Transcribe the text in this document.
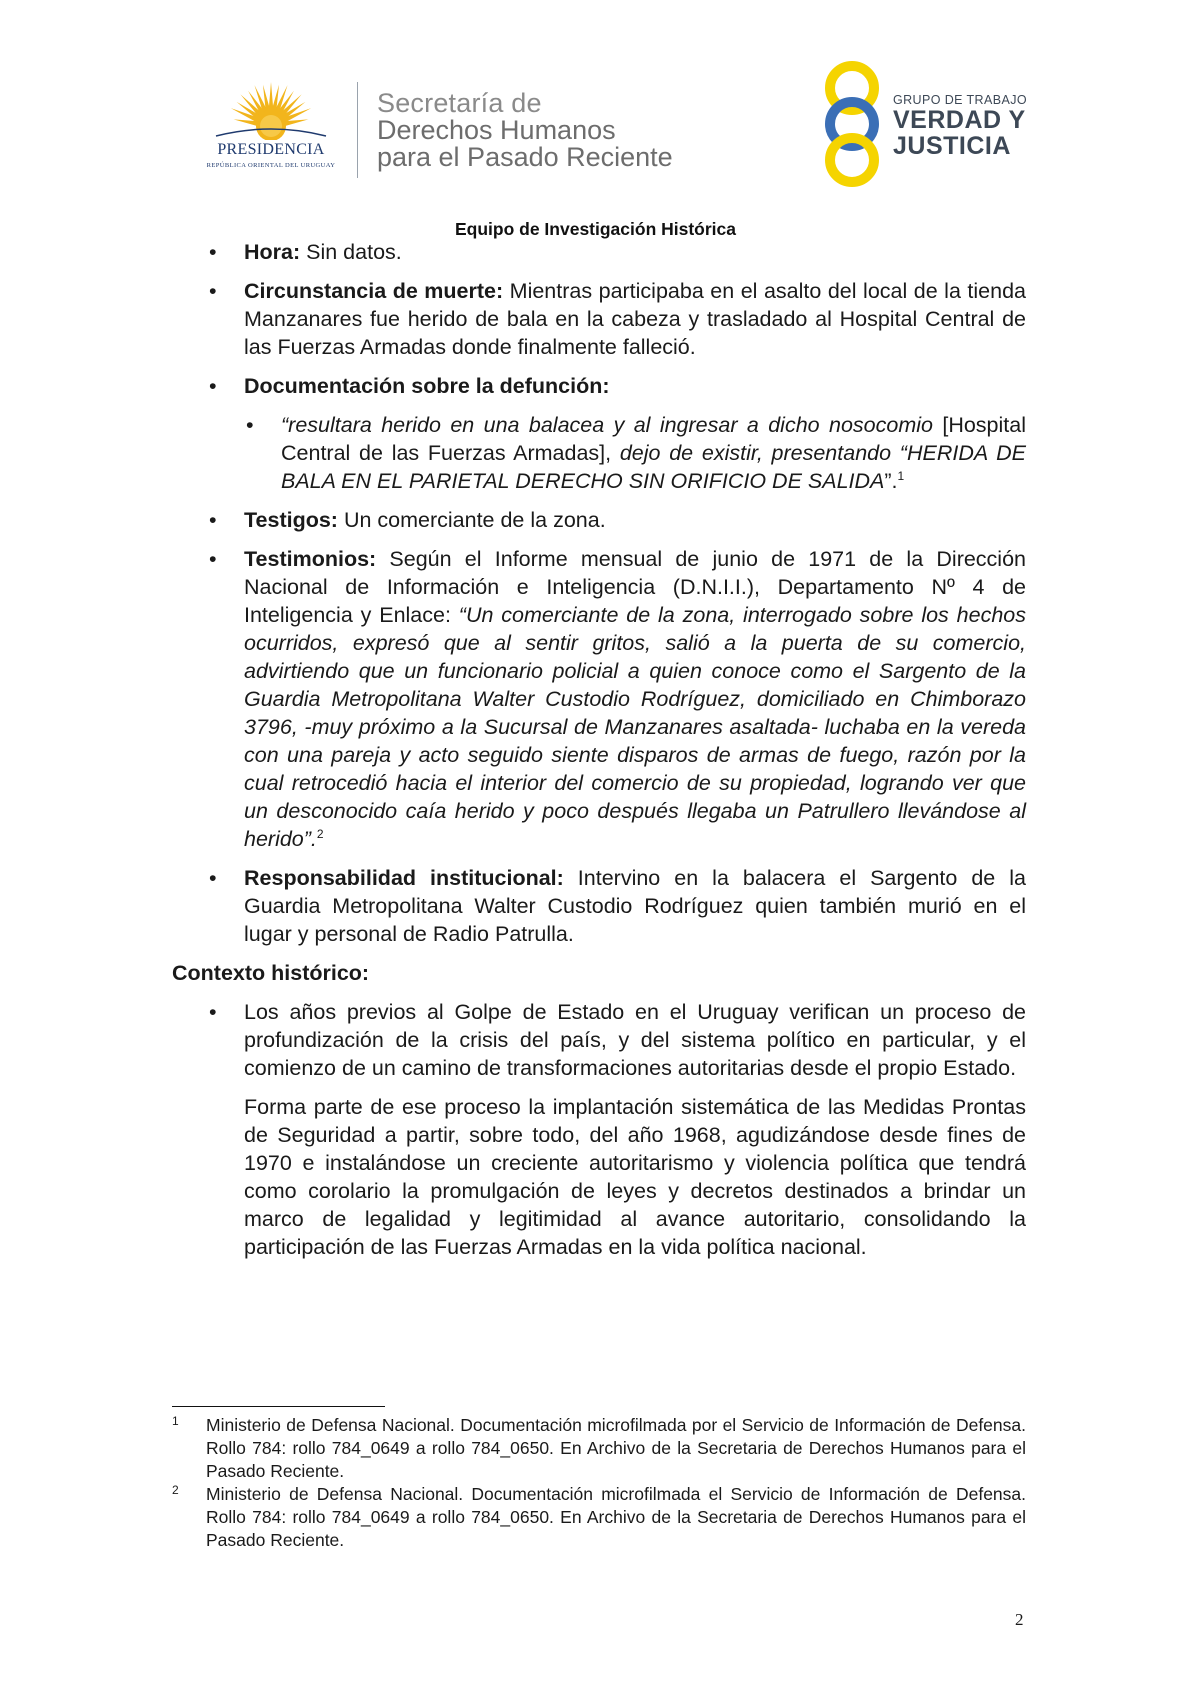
PRESIDENCIA
REPÚBLICA ORIENTAL DEL URUGUAY
Secretaría de
Derechos Humanos
para el Pasado Reciente
GRUPO DE TRABAJO
VERDAD Y
JUSTICIA
Equipo de Investigación Histórica
• Hora: Sin datos.
• Circunstancia de muerte: Mientras participaba en el asalto del local de la tienda Manzanares fue herido de bala en la cabeza y trasladado al Hospital Central de las Fuerzas Armadas donde finalmente falleció.
• Documentación sobre la defunción:
• “resultara herido en una balacea y al ingresar a dicho nosocomio [Hospital Central de las Fuerzas Armadas], dejo de existir, presentando “HERIDA DE BALA EN EL PARIETAL DERECHO SIN ORIFICIO DE SALIDA”.$^1$
• Testigos: Un comerciante de la zona.
• Testimonios: Según el Informe mensual de junio de 1971 de la Dirección Nacional de Información e Inteligencia (D.N.I.I.), Departamento Nº 4 de Inteligencia y Enlace: “Un comerciante de la zona, interrogado sobre los hechos ocurridos, expresó que al sentir gritos, salió a la puerta de su comercio, advirtiendo que un funcionario policial a quien conoce como el Sargento de la Guardia Metropolitana Walter Custodio Rodríguez, domiciliado en Chimborazo 3796, -muy próximo a la Sucursal de Manzanares asaltada- luchaba en la vereda con una pareja y acto seguido siente disparos de armas de fuego, razón por la cual retrocedió hacia el interior del comercio de su propiedad, logrando ver que un desconocido caía herido y poco después llegaba un Patrullero llevándose al herido”.$^2$
• Responsabilidad institucional: Intervino en la balacera el Sargento de la Guardia Metropolitana Walter Custodio Rodríguez quien también murió en el lugar y personal de Radio Patrulla.
Contexto histórico:
• Los años previos al Golpe de Estado en el Uruguay verifican un proceso de profundización de la crisis del país, y del sistema político en particular, y el comienzo de un camino de transformaciones autoritarias desde el propio Estado.
Forma parte de ese proceso la implantación sistemática de las Medidas Prontas de Seguridad a partir, sobre todo, del año 1968, agudizándose desde fines de 1970 e instalándose un creciente autoritarismo y violencia política que tendrá como corolario la promulgación de leyes y decretos destinados a brindar un marco de legalidad y legitimidad al avance autoritario, consolidando la participación de las Fuerzas Armadas en la vida política nacional.
1 Ministerio de Defensa Nacional. Documentación microfilmada por el Servicio de Información de Defensa. Rollo 784: rollo 784_0649 a rollo 784_0650. En Archivo de la Secretaria de Derechos Humanos para el Pasado Reciente.
2 Ministerio de Defensa Nacional. Documentación microfilmada el Servicio de Información de Defensa. Rollo 784: rollo 784_0649 a rollo 784_0650. En Archivo de la Secretaria de Derechos Humanos para el Pasado Reciente.
2
